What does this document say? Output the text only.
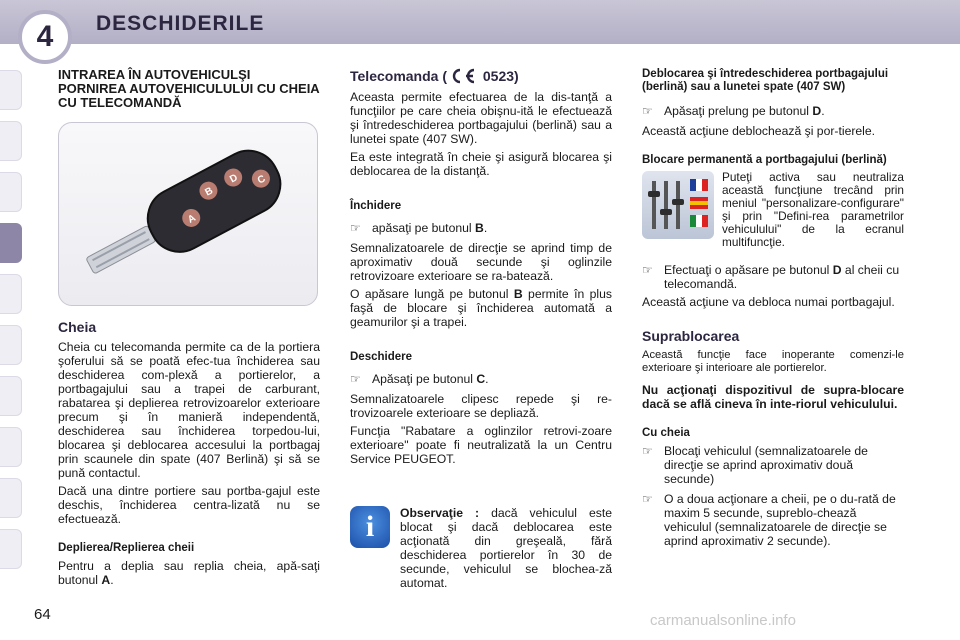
DESCHIDERILE
4
INTRAREA ÎN AUTOVEHICULŞI PORNIREA AUTOVEHICULULUI CU CHEIA CU TELECOMANDĂ
A
B
D C
Cheia

Cheia cu telecomanda permite ca de la portiera şoferului să se poată efec-tua închiderea sau deschiderea com-plexă a portierelor, a portbagajului sau a trapei de carburant, rabatarea şi deplierea retrovizoarelor exterioare precum şi în manieră independentă, deschiderea sau închiderea torpedou-lui, blocarea şi deblocarea accesului la portbagaj prin scaunele din spate (407 Berlină) şi să se pună contactul.

Dacă una dintre portiere sau portba-gajul este deschis, închiderea centra-lizată nu se efectuează.

Deplierea/Replierea cheii

Pentru a deplia sau replia cheia, apă-saţi butonul A.

Telecomanda ( 0523)

Aceasta permite efectuarea de la dis-tanţă a funcţiilor pe care cheia obişnu-ită le efectuează şi întredeschiderea portbagajului (berlină) sau a lunetei spate (407 SW).

Ea este integrată în cheie şi asigură blocarea şi deblocarea de la distanţă.

Închidere
☞ apăsaţi pe butonul B.

Semnalizatoarele de direcţie se aprind timp de aproximativ două secunde şi oglinzile retrovizoare exterioare se ra-batează.

O apăsare lungă pe butonul B permite în plus faşă de blocare şi închiderea automată a geamurilor şi a trapei.

Deschidere
☞ Apăsaţi pe butonul C.

Semnalizatoarele clipesc repede şi re-trovizoarele exterioare se depliază.

Funcţia "Rabatare a oglinzilor retrovi-zoare exterioare" poate fi neutralizată la un Centru Service PEUGEOT.

i	Observaţie : dacă vehiculul este blocat şi dacă deblocarea este acţionată din greşeală, fără deschiderea portierelor în 30 de secunde, vehiculul se blochea-ză automat.

Deblocarea şi întredeschiderea portbagajului (berlină) sau a lunetei spate (407 SW)
☞ Apăsaţi prelung pe butonul D.

Această acţiune deblochează şi por-tierele.

Blocare permanentă a portbagajului (berlină)

Puteţi activa sau neutraliza această funcţiune trecând prin meniul "personalizare-configurare" şi prin "Defini-rea parametrilor vehiculului" de la ecranul multifuncţie.

☞ Efectuaţi o apăsare pe butonul D al cheii cu telecomandă.

Această acţiune va debloca numai portbagajul.

Suprablocarea

Această funcţie face inoperante comenzi-le exterioare şi interioare ale portierelor.

Nu acţionaţi dispozitivul de supra-blocare dacă se află cineva în inte-riorul vehiculului.

Cu cheia
☞ Blocaţi vehiculul (semnalizatoarele de direcţie se aprind aproximativ două secunde)
☞ O a doua acţionare a cheii, pe o du-rată de maxim 5 secunde, supreblo-chează vehiculul (semnalizatoarele de direcţie se aprind aproximativ 2 secunde).
64	carmanualsonline.info
